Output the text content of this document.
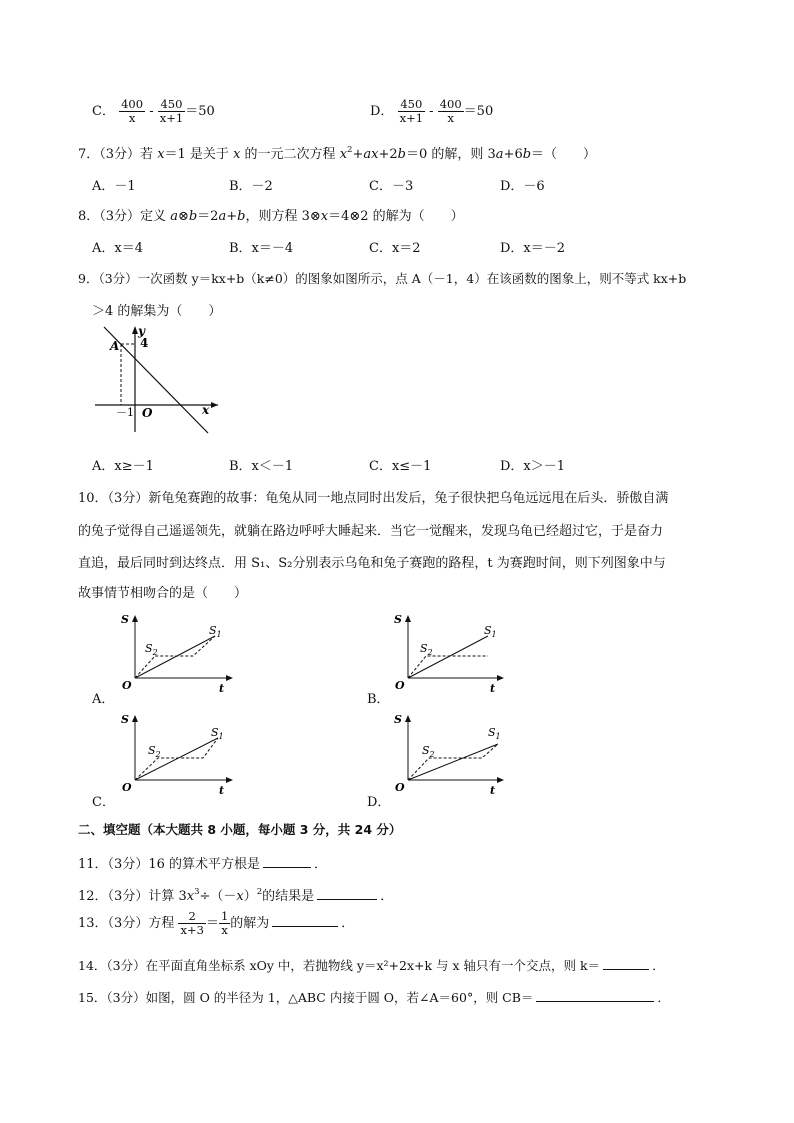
C． $\frac{400}{x} - \frac{450}{x+1} =50$	D． $\frac{450}{x+1} - \frac{400}{x} =50$
7．（3分）若 x＝1 是关于 x 的一元二次方程 $x^2+ax+2b=0$ 的解，则 3a+6b＝（　　）
A．－1	B．－2	C．－3	D．－6
8．（3分）定义 a⊗b＝2a+b，则方程 3⊗x＝4⊗2 的解为（　　）
A．x＝4	B．x＝－4	C．x＝2	D．x＝－2
9．（3分）一次函数 y＝kx+b（k≠0）的图象如图所示，点 A（－1，4）在该函数的图象上，则不等式 kx+b
＞4 的解集为（　　）
y
x
A 4
－1 O
A．x≥－1	B．x＜－1	C．x≤－1	D．x＞－1
10．（3分）新龟兔赛跑的故事：龟兔从同一地点同时出发后，兔子很快把乌龟远远甩在后头．骄傲自满
的兔子觉得自己遥遥领先，就躺在路边呼呼大睡起来．当它一觉醒来，发现乌龟已经超过它，于是奋力
直追，最后同时到达终点．用 S₁、S₂分别表示乌龟和兔子赛跑的路程，t 为赛跑时间，则下列图象中与
故事情节相吻合的是（　　）
S
$S_1$
$S_2$
O	t
A．
S
$S_1$
$S_2$
O	t
B．
S
$S_1$
$S_2$
O	t
C．
S
$S_1$
$S_2$
O	t
D．
二、填空题（本大题共 8 小题，每小题 3 分，共 24 分）
11．（3分）16 的算术平方根是	．
12．（3分）计算 $3x^3\div(-x)^2$的结果是	．
13．（3分）方程 $\frac{2}{x+3} = \frac{1}{x}$ 的解为	．
14．（3分）在平面直角坐标系 xOy 中，若抛物线 y＝x²+2x+k 与 x 轴只有一个交点，则 k＝	．
15．（3分）如图，圆 O 的半径为 1，△ABC 内接于圆 O，若∠A＝60°，则 CB＝	．
